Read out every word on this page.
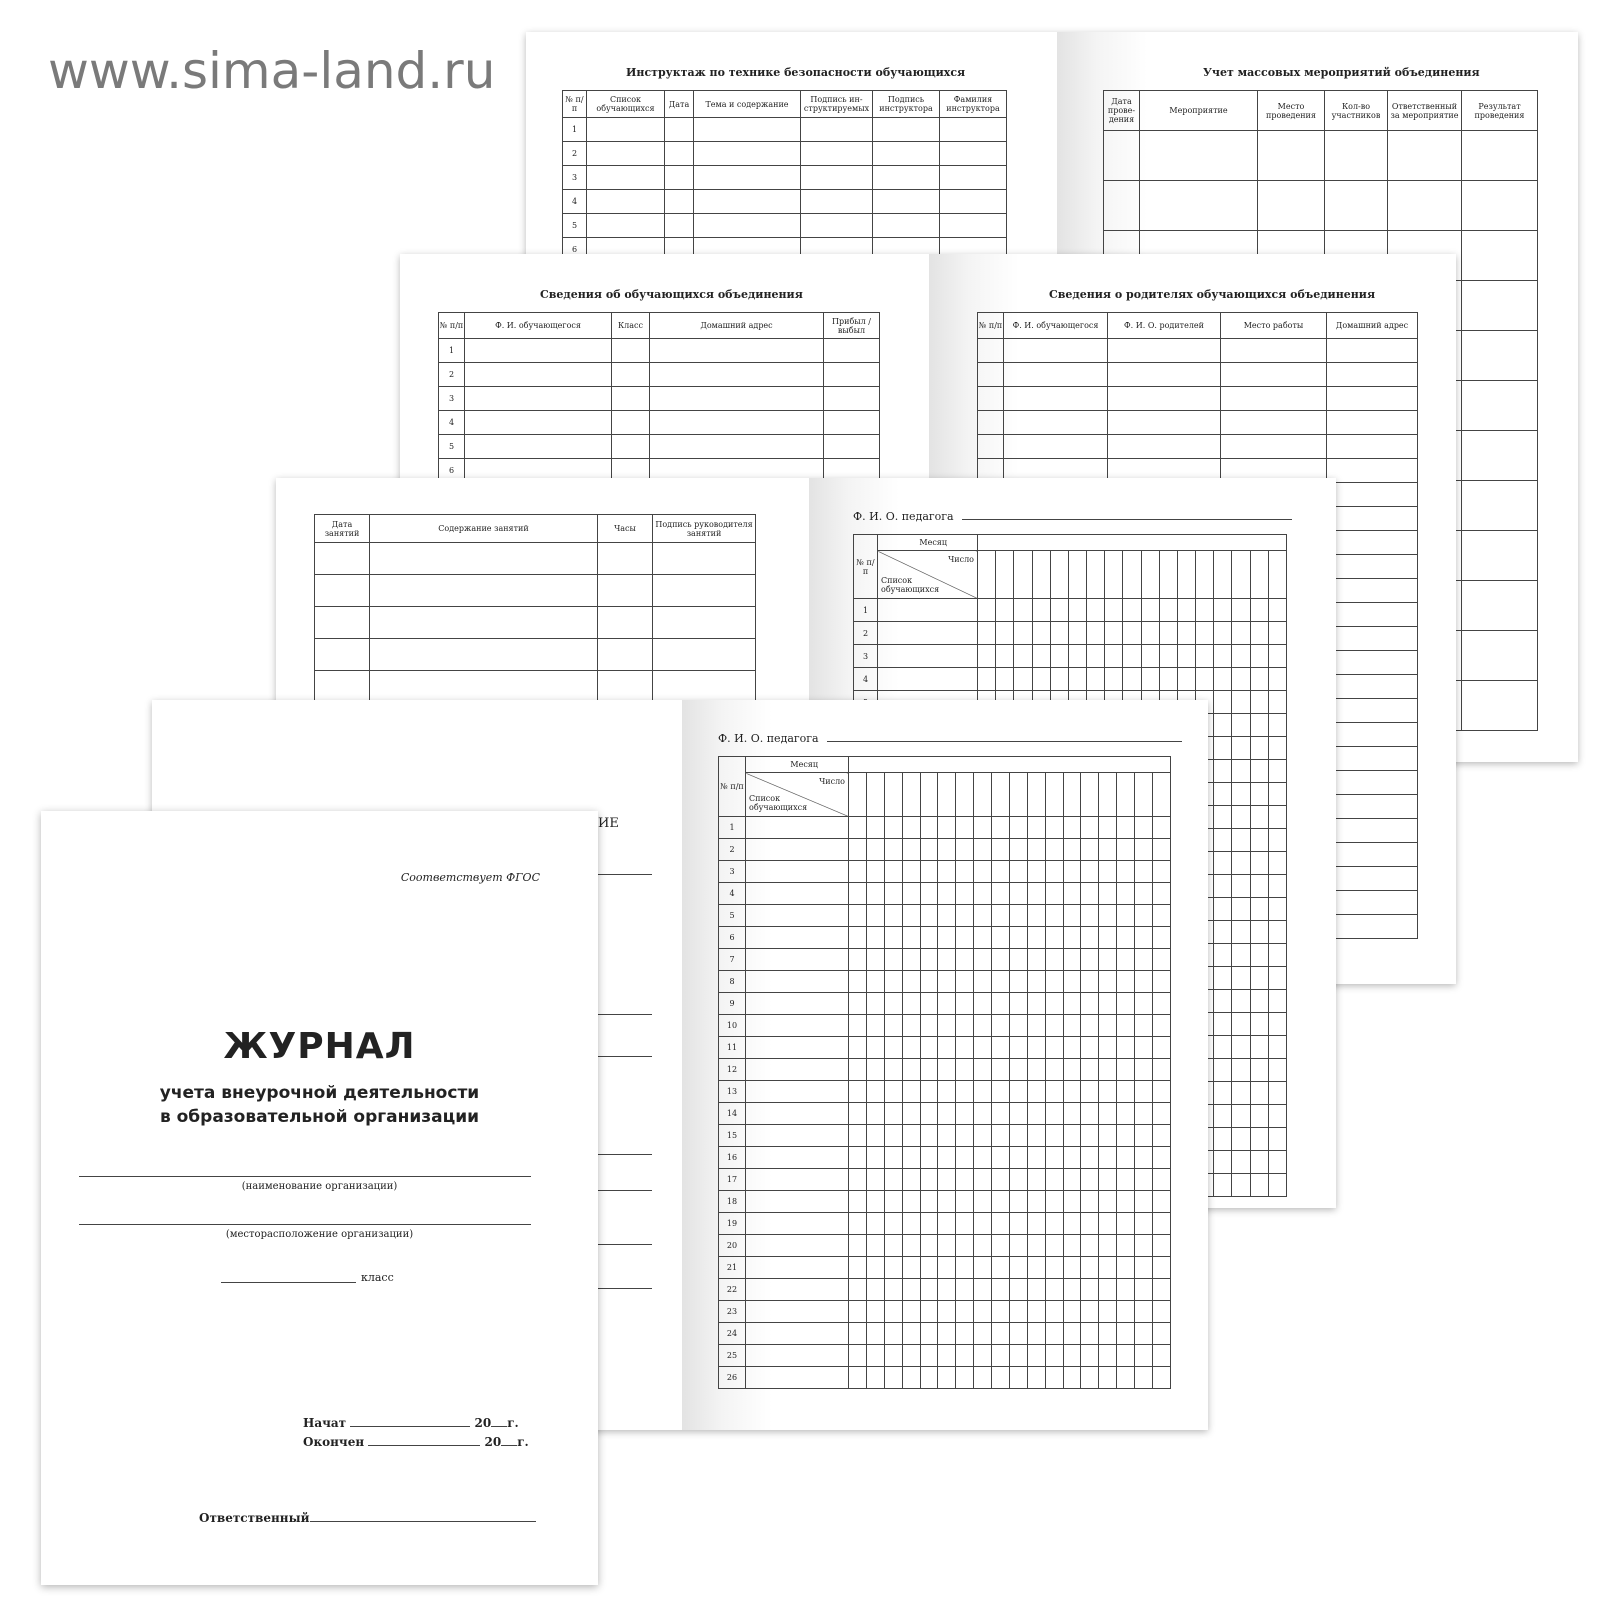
www.sima-land.ru	Инструктаж по технике безопасности обучающихся
№ п/п	Список обучающихся	Дата	Тема и содержание	Подпись ин-структируемых	Подпись инструктора	Фамилия инструктора
1						
2						
3						
4						
5						
6						
Учет массовых мероприятий объединения
Дата прове-дения	Мероприятие	Место проведения	Кол-во участников	Ответственный за мероприятие	Результат проведения

Сведения об обучающихся объединения
№ п/п	Ф. И. обучающегося	Класс	Домашний адрес	Прибыл / выбыл
1				
2				
3				
4				
5				
6				
Сведения о родителях обучающихся объединения
№ п/п	Ф. И. обучающегося	Ф. И. О. родителей	Место работы	Домашний адрес

Дата занятий	Содержание занятий	Часы	Подпись руководителя занятий

Ф. И. О. педагога
№ п/п	Месяц																	

	Число
Список обучающихся																	

1																		
2																		
3																		
4																		

ИЕ
Ф. И. О. педагога
№ п/п	Месяц																		

	Число
Список обучающихся																		

1																			
2																			
3																			
4																			
5																			
6																			
7																			
8																			
9																			
10																			
11																			
12																			
13																			
14																			
15																			
16																			
17																			
18																			
19																			
20																			
21																			
22																			
23																			
24																			
25																			
26																			
Соответствует ФГОС
ЖУРНАЛ
учета внеурочной деятельности
в образовательной организации
(наименование организации)
(месторасположение организации)
класс
Начат	20 г.
Окончен	20 г.
Ответственный
